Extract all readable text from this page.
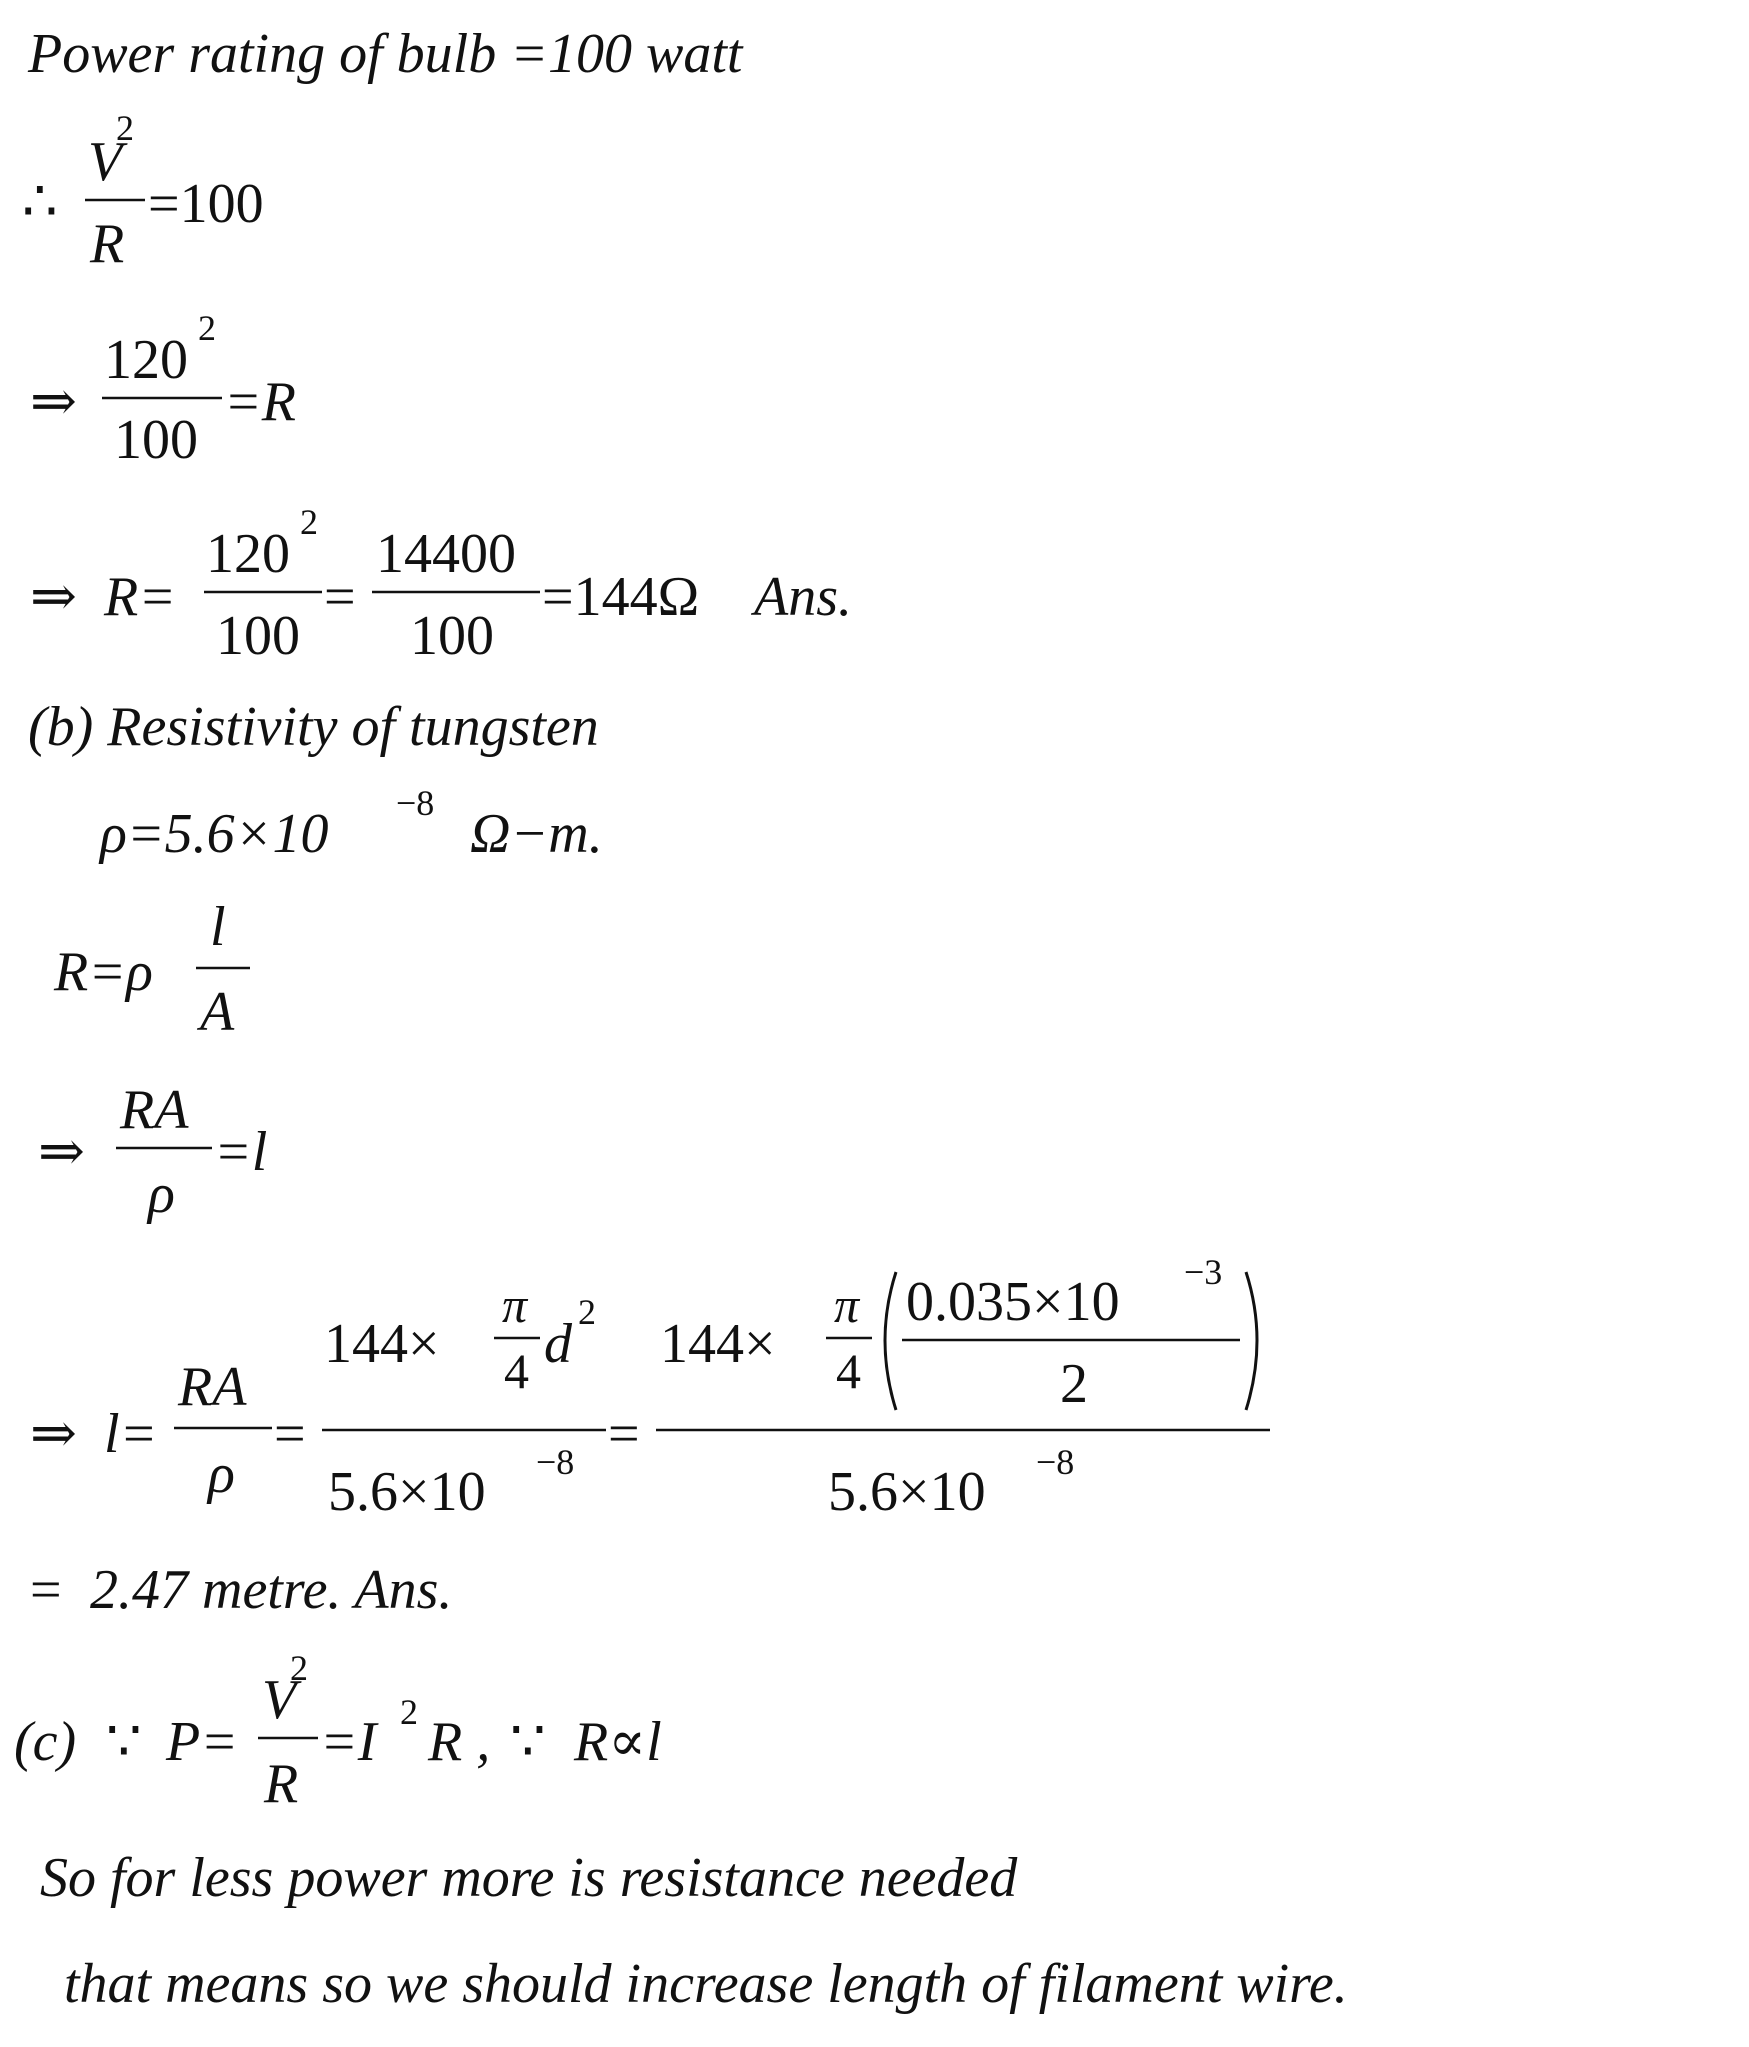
Power rating of bulb =100 watt
∴
V
2
R
=100
⇒
120
2
100
=R
⇒ R=
120
2
100
=
14400
100
=144Ω Ans.
(b) Resistivity of tungsten
ρ=5.6×10 −8 Ω−m.
R=ρ
l
A
⇒
RA
ρ
=l
⇒ l=
RA
ρ
=
144×
π
4 d
2
5.6×10 −8 =
144×
π
4
0.035×10 −3
2
5.6×10 −8
= 2.47 metre. Ans.
(c) ∵ P=
V
2
R
=I 2 R , ∵ R∝l
So for less power more is resistance needed
that means so we should increase length of filament wire.
